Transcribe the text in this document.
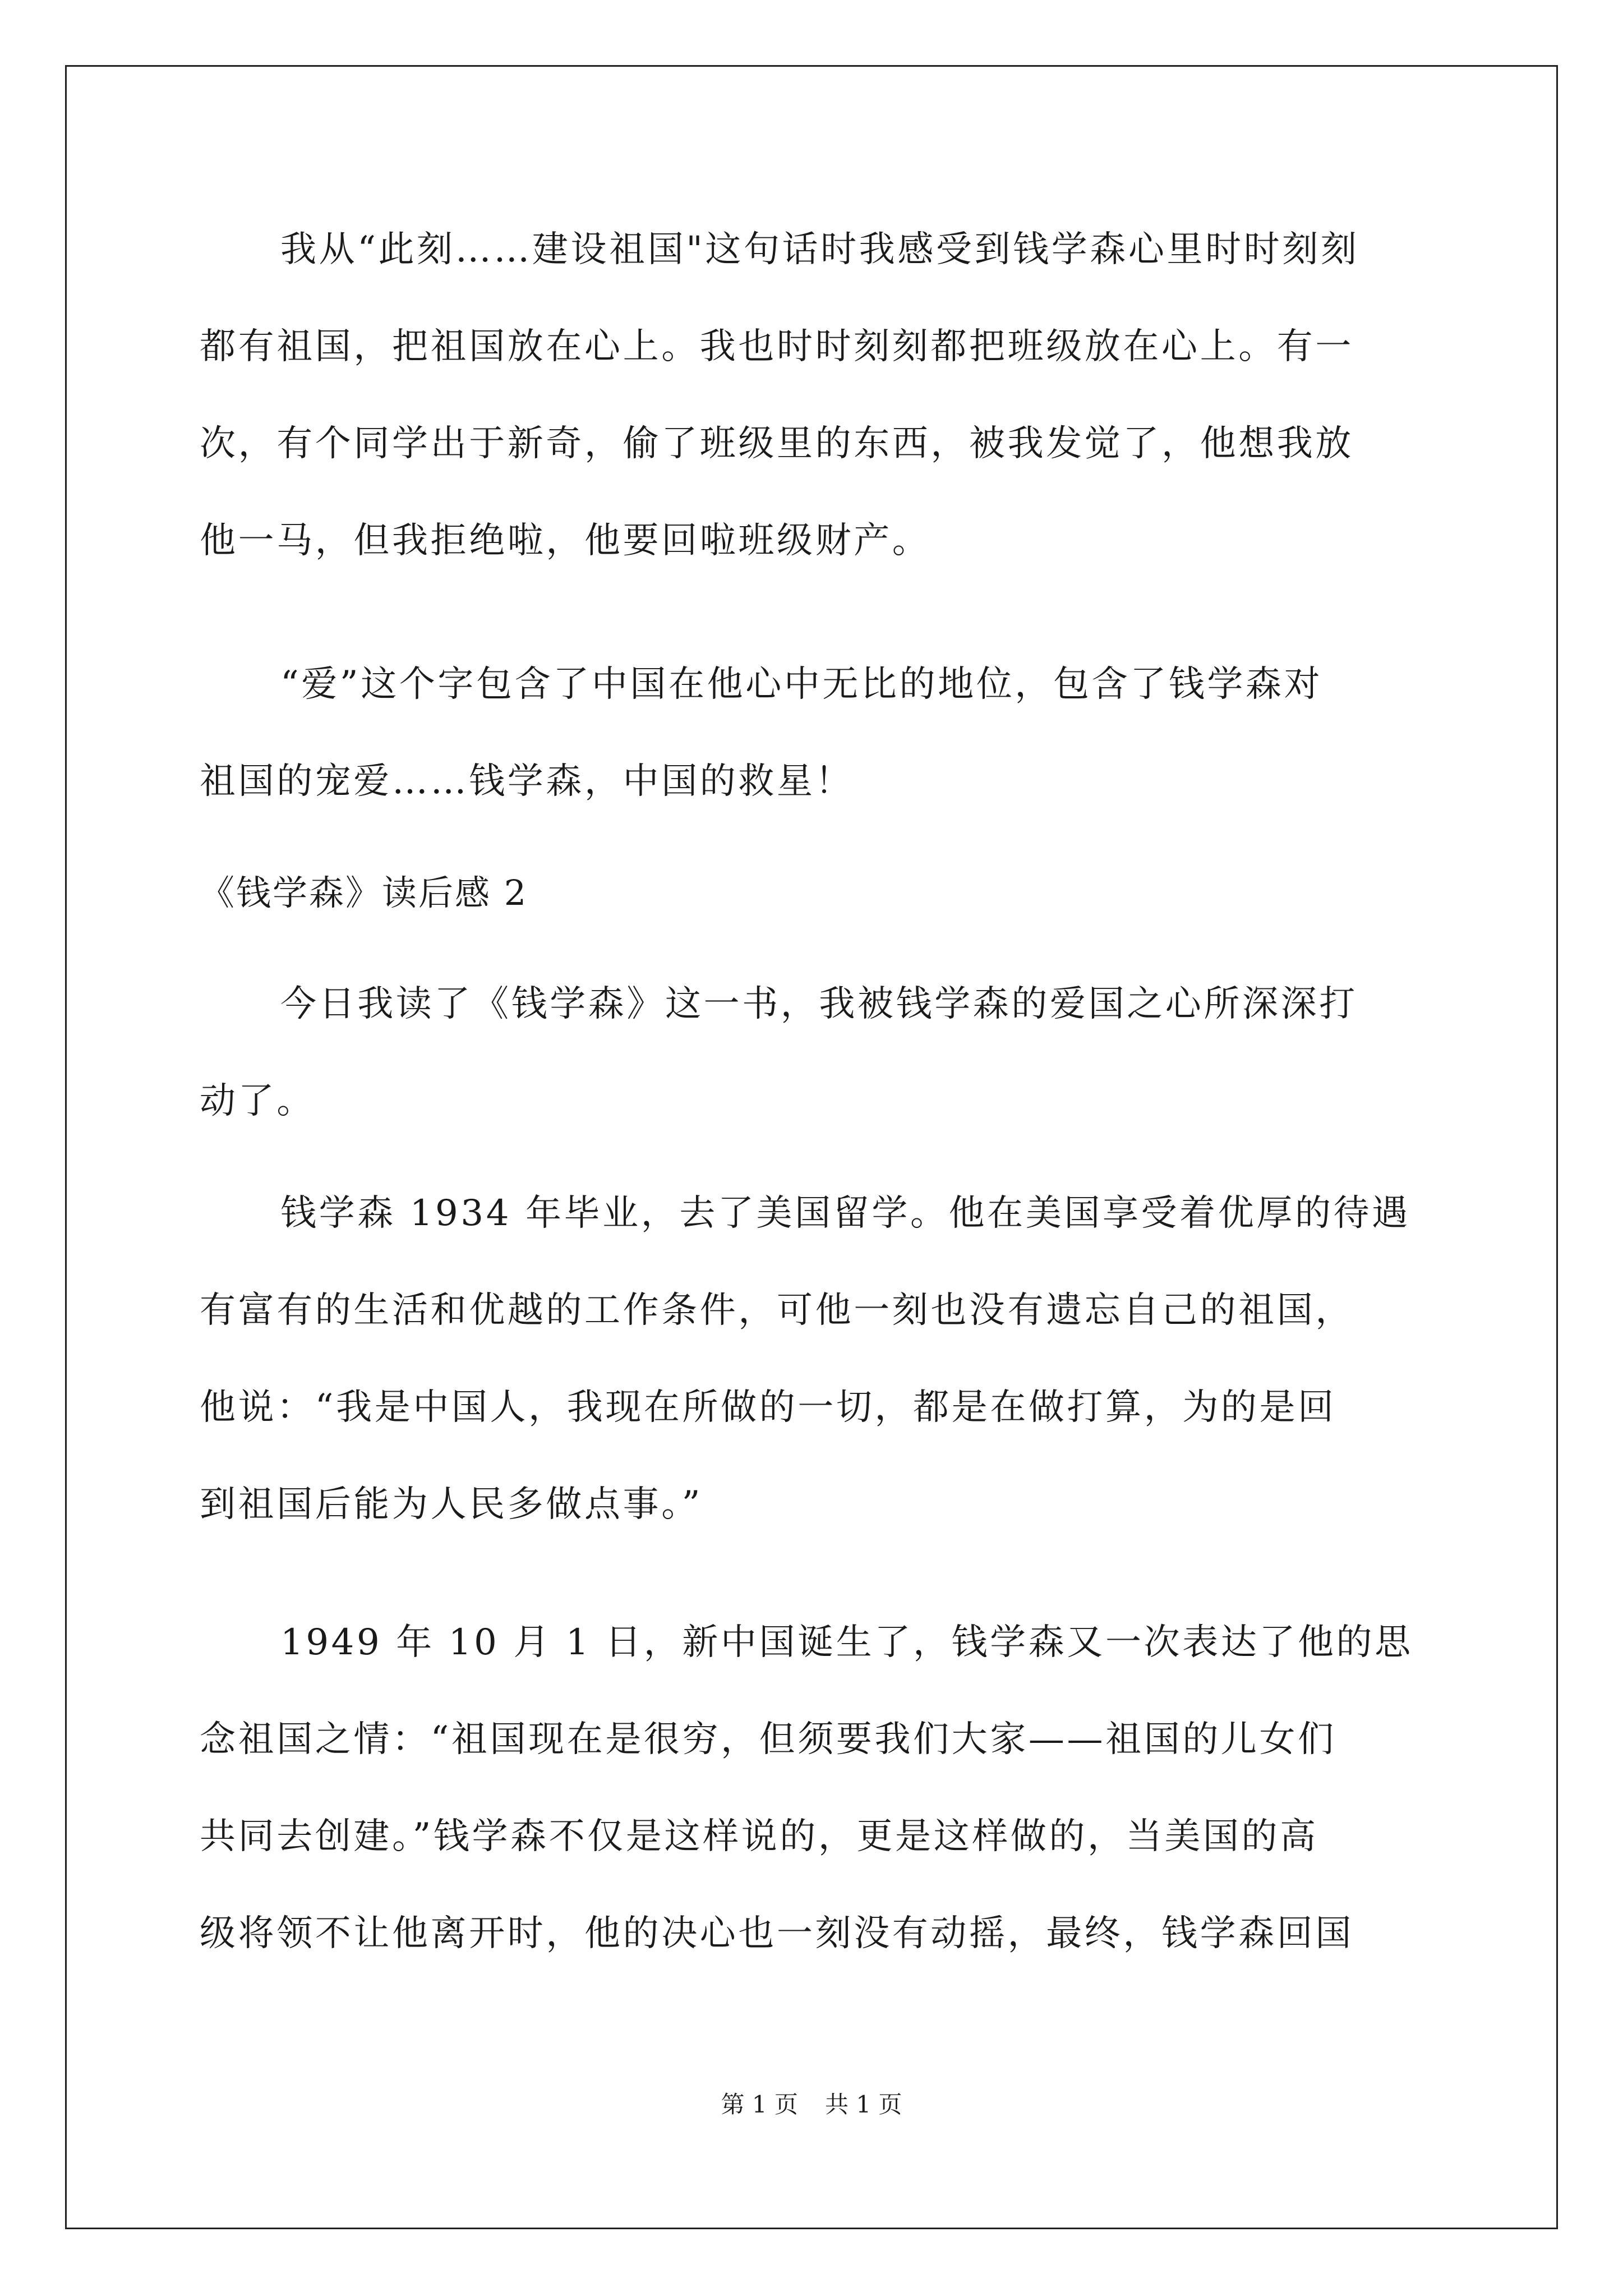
我从“此刻……建设祖国"这句话时我感受到钱学森心里时时刻刻
都有祖国，把祖国放在心上。我也时时刻刻都把班级放在心上。有一
次，有个同学出于新奇，偷了班级里的东西，被我发觉了，他想我放
他一马，但我拒绝啦，他要回啦班级财产。
“爱”这个字包含了中国在他心中无比的地位，包含了钱学森对
祖国的宠爱……钱学森，中国的救星！
《钱学森》读后感 2
今日我读了《钱学森》这一书，我被钱学森的爱国之心所深深打
动了。
钱学森 1934 年毕业，去了美国留学。他在美国享受着优厚的待遇
有富有的生活和优越的工作条件，可他一刻也没有遗忘自己的祖国，
他说：“我是中国人，我现在所做的一切，都是在做打算，为的是回
到祖国后能为人民多做点事。”
1949 年 10 月 1 日，新中国诞生了，钱学森又一次表达了他的思
念祖国之情：“祖国现在是很穷，但须要我们大家——祖国的儿女们
共同去创建。”钱学森不仅是这样说的，更是这样做的，当美国的高
级将领不让他离开时，他的决心也一刻没有动摇，最终，钱学森回国
第 1 页 共 1 页
